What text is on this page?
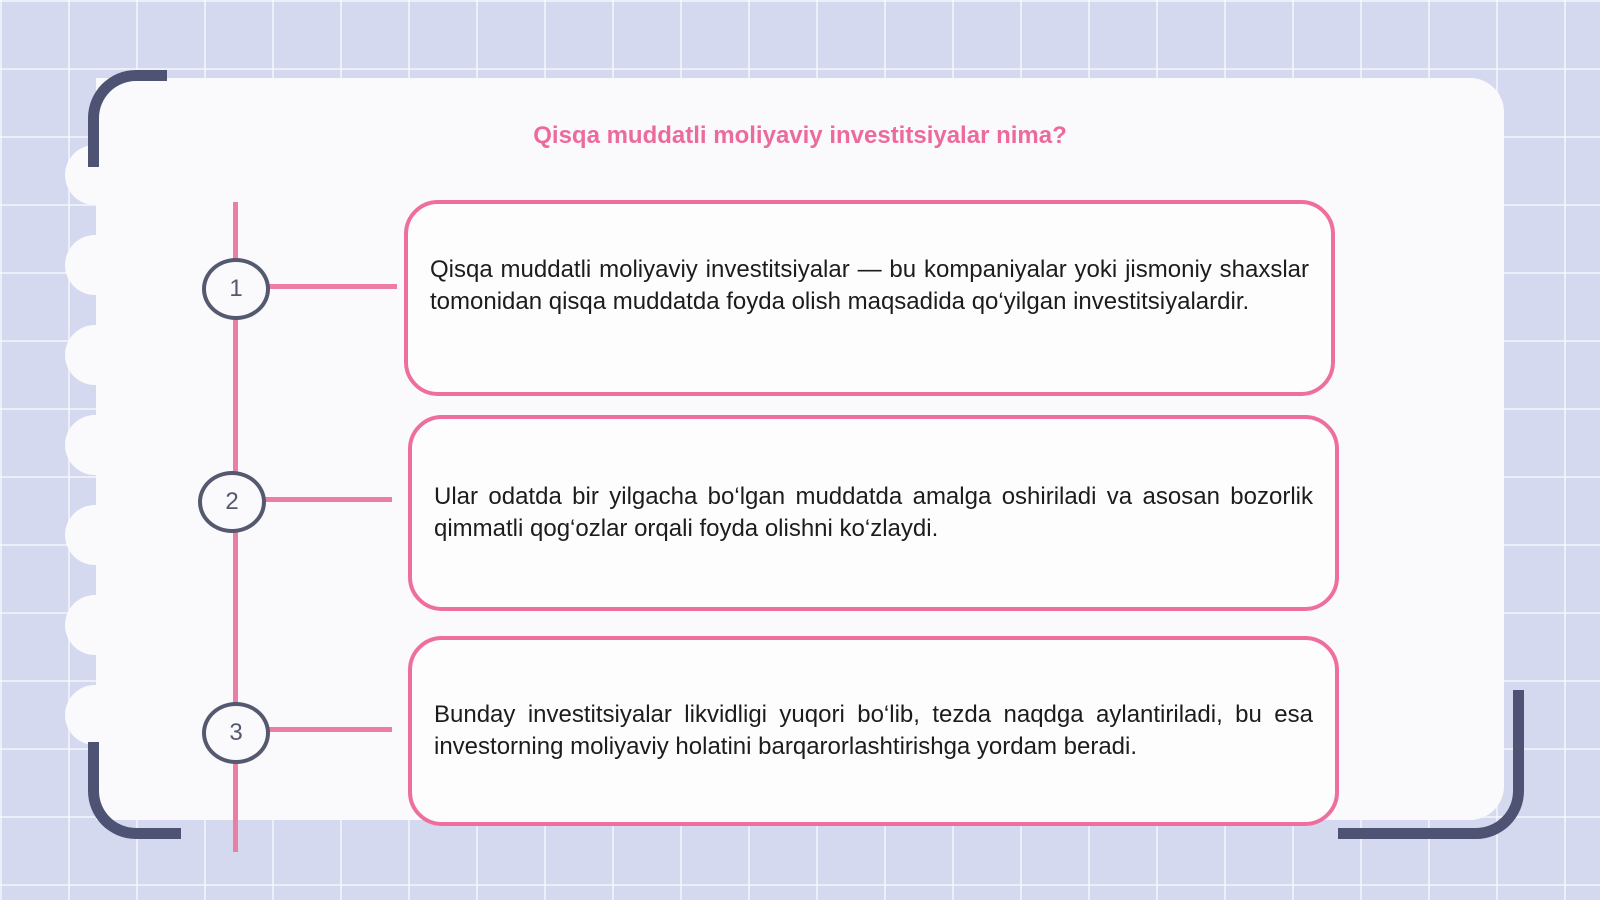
Qisqa muddatli moliyaviy investitsiyalar nima?
1
2
3

Qisqa muddatli moliyaviy investitsiyalar — bu kompaniyalar yoki jismoniy shaxslar tomonidan qisqa muddatda foyda olish maqsadida qo‘yilgan investitsiyalardir.

Ular odatda bir yilgacha bo‘lgan muddatda amalga oshiriladi va asosan bozorlik qimmatli qog‘ozlar orqali foyda olishni ko‘zlaydi.

Bunday investitsiyalar likvidligi yuqori bo‘lib, tezda naqdga aylantiriladi, bu esa investorning moliyaviy holatini barqarorlashtirishga yordam beradi.
